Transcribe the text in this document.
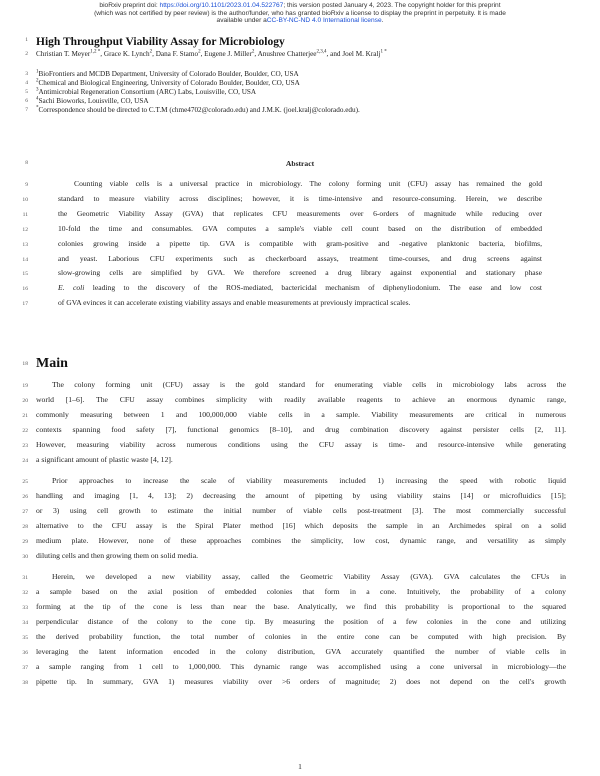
bioRxiv preprint doi: https://doi.org/10.1101/2023.01.04.522767; this version posted January 4, 2023. The copyright holder for this preprint
(which was not certified by peer review) is the author/funder, who has granted bioRxiv a license to display the preprint in perpetuity. It is made
available under aCC-BY-NC-ND 4.0 International license.
1
2
3
4
5
6
7
8
9
10
11
12
13
14
15
16
17
18
19
20
21
22
23
24
25
26
27
28
29
30
31
32
33
34
35
36
37
38
High Throughput Viability Assay for Microbiology
Christian T. Meyer$^{1,2 *}$, Grace K. Lynch$^2$, Dana F. Stamo$^2$, Eugene J. Miller$^2$, Anushree Chatterjee$^{2,3,4}$, and Joel M. Kralj$^{1 *}$
$^1$BioFrontiers and MCDB Department, University of Colorado Boulder, Boulder, CO, USA
$^2$Chemical and Biological Engineering, University of Colorado Boulder, Boulder, CO, USA
$^3$Antimicrobial Regeneration Consortium (ARC) Labs, Louisville, CO, USA
$^4$Sachi Bioworks, Louisville, CO, USA
*Correspondence should be directed to C.T.M (chme4702@colorado.edu) and J.M.K. (joel.kralj@colorado.edu).
Abstract
Counting viable cells is a universal practice in microbiology. The colony forming unit (CFU) assay has remained the gold
standard to measure viability across disciplines; however, it is time-intensive and resource-consuming. Herein, we describe
the Geometric Viability Assay (GVA) that replicates CFU measurements over 6-orders of magnitude while reducing over
10-fold the time and consumables. GVA computes a sample's viable cell count based on the distribution of embedded
colonies growing inside a pipette tip. GVA is compatible with gram-positive and -negative planktonic bacteria, biofilms,
and yeast. Laborious CFU experiments such as checkerboard assays, treatment time-courses, and drug screens against
slow-growing cells are simplified by GVA. We therefore screened a drug library against exponential and stationary phase
E. coli leading to the discovery of the ROS-mediated, bactericidal mechanism of diphenyliodonium. The ease and low cost
of GVA evinces it can accelerate existing viability assays and enable measurements at previously impractical scales.
Main
The colony forming unit (CFU) assay is the gold standard for enumerating viable cells in microbiology labs across the
world [1–6]. The CFU assay combines simplicity with readily available reagents to achieve an enormous dynamic range,
commonly measuring between 1 and 100,000,000 viable cells in a sample. Viability measurements are critical in numerous
contexts spanning food safety [7], functional genomics [8–10], and drug combination discovery against persister cells [2, 11].
However, measuring viability across numerous conditions using the CFU assay is time- and resource-intensive while generating
a significant amount of plastic waste [4, 12].
Prior approaches to increase the scale of viability measurements included 1) increasing the speed with robotic liquid
handling and imaging [1, 4, 13]; 2) decreasing the amount of pipetting by using viability stains [14] or microfluidics [15];
or 3) using cell growth to estimate the initial number of viable cells post-treatment [3]. The most commercially successful
alternative to the CFU assay is the Spiral Plater method [16] which deposits the sample in an Archimedes spiral on a solid
medium plate. However, none of these approaches combines the simplicity, low cost, dynamic range, and versatility as simply
diluting cells and then growing them on solid media.
Herein, we developed a new viability assay, called the Geometric Viability Assay (GVA). GVA calculates the CFUs in
a sample based on the axial position of embedded colonies that form in a cone. Intuitively, the probability of a colony
forming at the tip of the cone is less than near the base. Analytically, we find this probability is proportional to the squared
perpendicular distance of the colony to the cone tip. By measuring the position of a few colonies in the cone and utilizing
the derived probability function, the total number of colonies in the entire cone can be computed with high precision. By
leveraging the latent information encoded in the colony distribution, GVA accurately quantified the number of viable cells in
a sample ranging from 1 cell to 1,000,000. This dynamic range was accomplished using a cone universal in microbiology—the
pipette tip. In summary, GVA 1) measures viability over >6 orders of magnitude; 2) does not depend on the cell's growth
1
